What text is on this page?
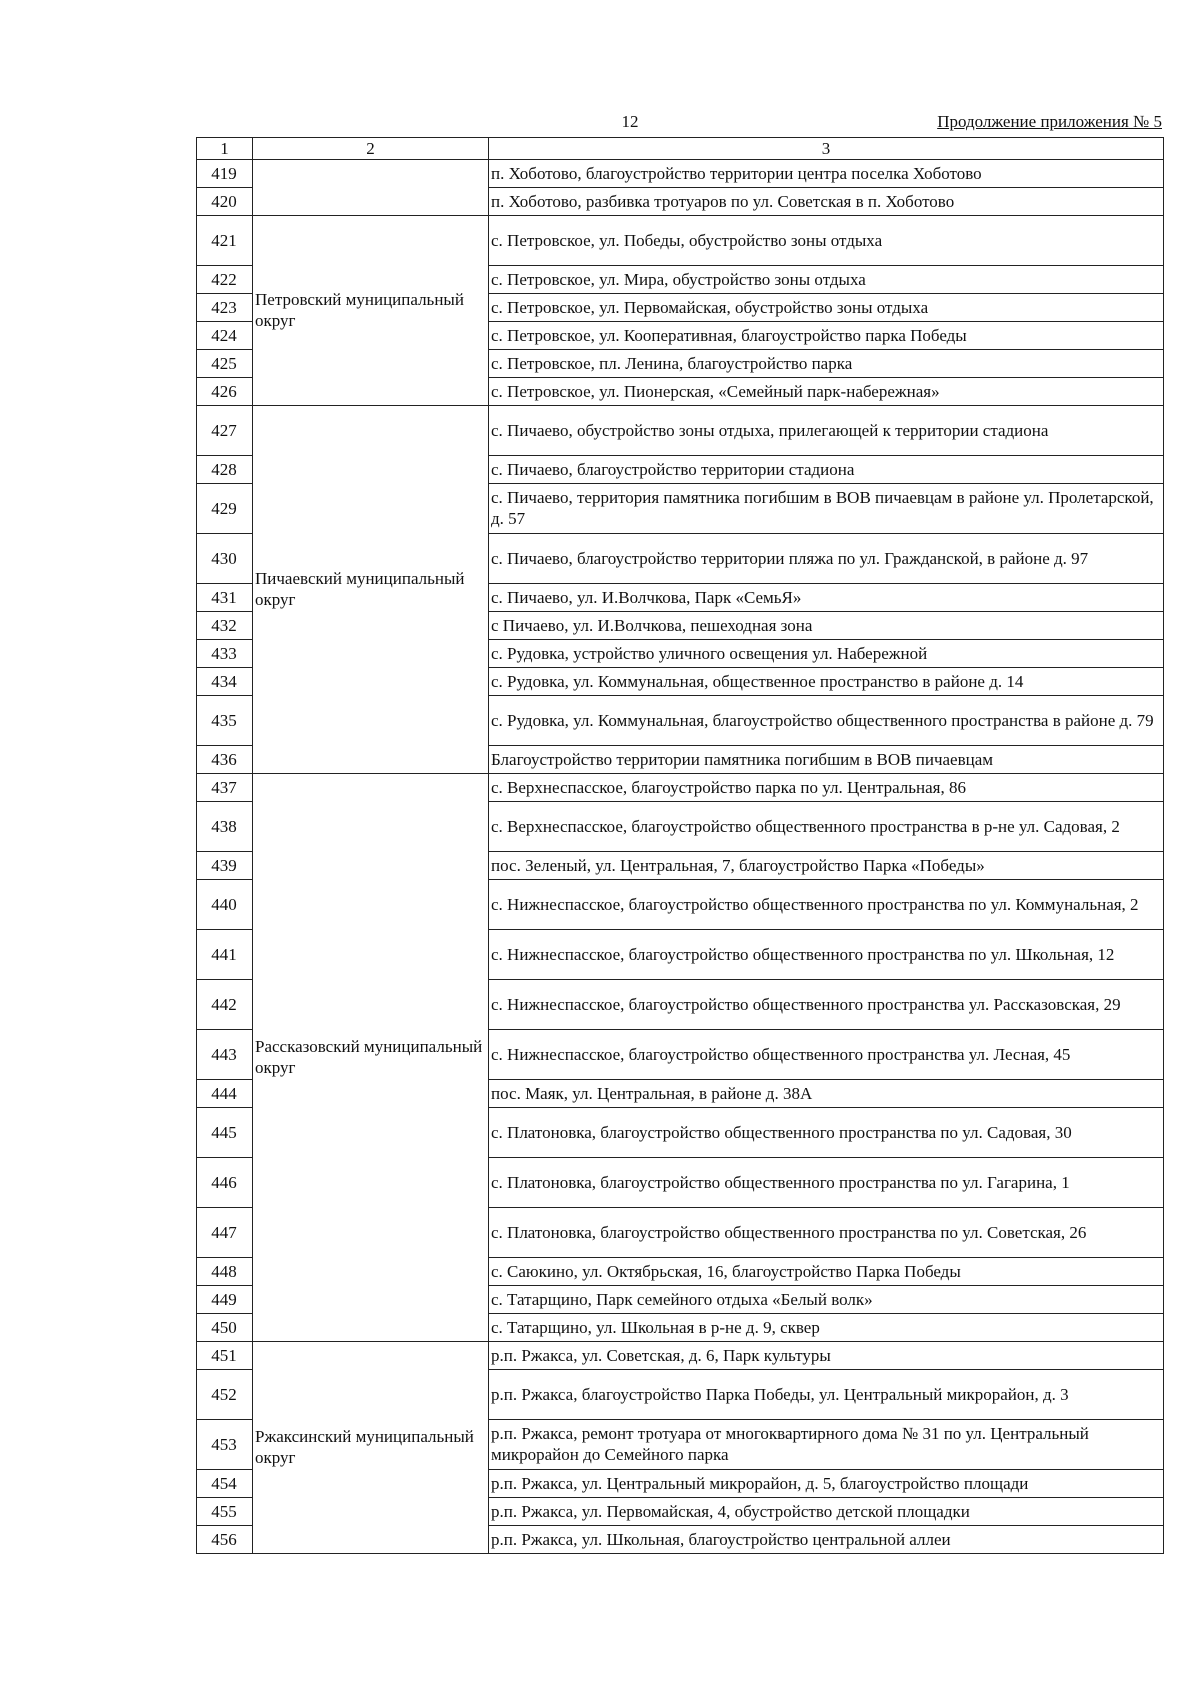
12	Продолжение приложения № 5
1	2	3
419		п. Хоботово, благоустройство территории центра поселка Хоботово
420		п. Хоботово, разбивка тротуаров по ул. Советская в п. Хоботово
421	Петровский муниципальный округ	с. Петровское, ул. Победы, обустройство зоны отдыха
422		с. Петровское, ул. Мира, обустройство зоны отдыха
423		с. Петровское, ул. Первомайская, обустройство зоны отдыха
424		с. Петровское, ул. Кооперативная, благоустройство парка Победы
425		с. Петровское, пл. Ленина, благоустройство парка
426		с. Петровское, ул. Пионерская, «Семейный парк-набережная»
427	Пичаевский муниципальный округ	с. Пичаево, обустройство зоны отдыха, прилегающей к территории стадиона
428		с. Пичаево, благоустройство территории стадиона
429		с. Пичаево, территория памятника погибшим в ВОВ пичаевцам в районе ул. Пролетарской, д. 57
430		с. Пичаево, благоустройство территории пляжа по ул. Гражданской, в районе д. 97
431		с. Пичаево, ул. И.Волчкова, Парк «СемьЯ»
432		с Пичаево, ул. И.Волчкова, пешеходная зона
433		с. Рудовка, устройство уличного освещения ул. Набережной
434		с. Рудовка, ул. Коммунальная, общественное пространство в районе д. 14
435		с. Рудовка, ул. Коммунальная, благоустройство общественного пространства в районе д. 79
436		Благоустройство территории памятника погибшим в ВОВ пичаевцам
437	Рассказовский муниципальный округ	с. Верхнеспасское, благоустройство парка по ул. Центральная, 86
438		с. Верхнеспасское, благоустройство общественного пространства в р-не ул. Садовая, 2
439		пос. Зеленый, ул. Центральная, 7, благоустройство Парка «Победы»
440		с. Нижнеспасское, благоустройство общественного пространства по ул. Коммунальная, 2
441		с. Нижнеспасское, благоустройство общественного пространства по ул. Школьная, 12
442		с. Нижнеспасское, благоустройство общественного пространства ул. Рассказовская, 29
443		с. Нижнеспасское, благоустройство общественного пространства ул. Лесная, 45
444		пос. Маяк, ул. Центральная, в районе д. 38А
445		с. Платоновка, благоустройство общественного пространства по ул. Садовая, 30
446		с. Платоновка, благоустройство общественного пространства по ул. Гагарина, 1
447		с. Платоновка, благоустройство общественного пространства по ул. Советская, 26
448		с. Саюкино, ул. Октябрьская, 16, благоустройство Парка Победы
449		с. Татарщино, Парк семейного отдыха «Белый волк»
450		с. Татарщино, ул. Школьная в р-не д. 9, сквер
451	Ржаксинский муниципальный округ	р.п. Ржакса, ул. Советская, д. 6, Парк культуры
452		р.п. Ржакса, благоустройство Парка Победы, ул. Центральный микрорайон, д. 3
453		р.п. Ржакса, ремонт тротуара от многоквартирного дома № 31 по ул. Центральный микрорайон до Семейного парка
454		р.п. Ржакса, ул. Центральный микрорайон, д. 5, благоустройство площади
455		р.п. Ржакса, ул. Первомайская, 4, обустройство детской площадки
456		р.п. Ржакса, ул. Школьная, благоустройство центральной аллеи
